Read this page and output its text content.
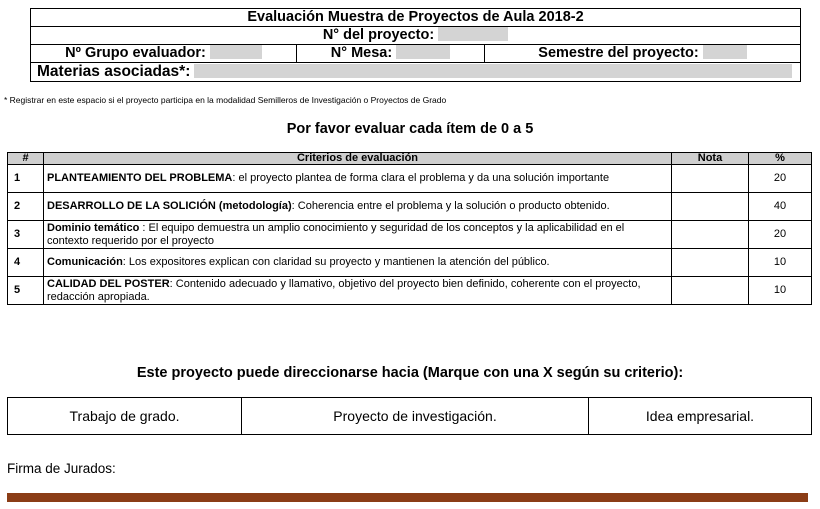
Evaluación Muestra de Proyectos de Aula 2018-2
N° del proyecto:
Nº Grupo evaluador:	N° Mesa:	Semestre del proyecto:
Materias asociadas*:
* Registrar en este espacio si el proyecto participa en la modalidad Semilleros de Investigación o Proyectos de Grado
Por favor evaluar cada ítem de 0 a 5
#	Criterios de evaluación	Nota	%
1	PLANTEAMIENTO DEL PROBLEMA: el proyecto plantea de forma clara el problema y da una solución importante		20
2	DESARROLLO DE LA SOLICIÓN (metodología): Coherencia entre el problema y la solución o producto obtenido.		40
3	Dominio temático : El equipo demuestra un amplio conocimiento y seguridad de los conceptos y la aplicabilidad en el contexto requerido por el proyecto		20
4	Comunicación: Los expositores explican con claridad su proyecto y mantienen la atención del público.		10
5	CALIDAD DEL POSTER: Contenido adecuado y llamativo, objetivo del proyecto bien definido, coherente con el proyecto, redacción apropiada.		10
Este proyecto puede direccionarse hacia (Marque con una X según su criterio):
Trabajo de grado.	Proyecto de investigación.	Idea empresarial.
Firma de Jurados:
